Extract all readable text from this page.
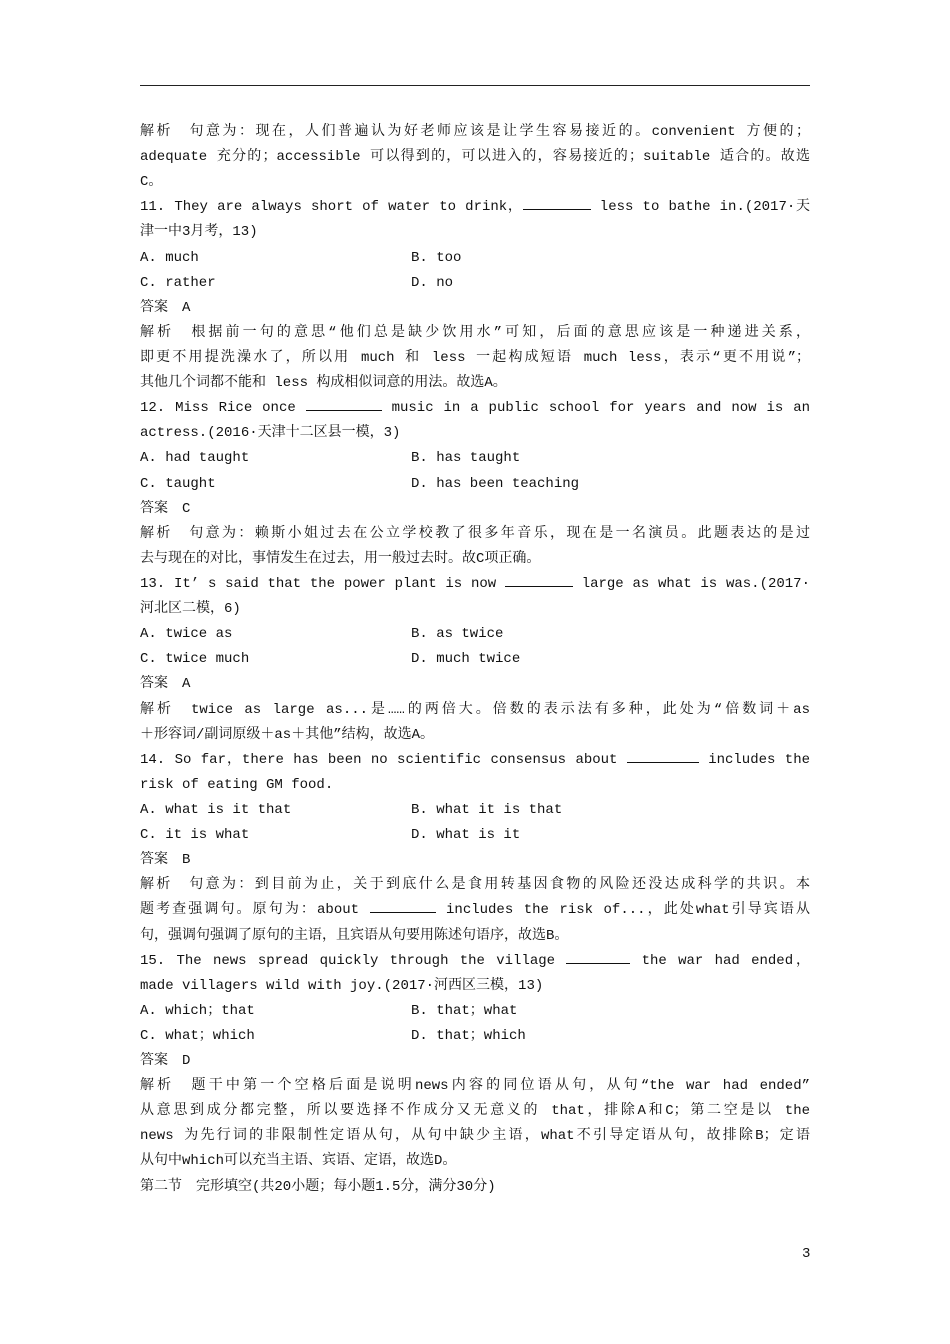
解析　句意为：现在，人们普遍认为好老师应该是让学生容易接近的。convenient 方便的；
adequate 充分的；accessible 可以得到的，可以进入的，容易接近的；suitable 适合的。故选
C。
11. They are always short of water to drink，	less to bathe in.(2017·天
津一中3月考，13)
A. much	B. too
C. rather	D. no
答案　A
解析　根据前一句的意思“他们总是缺少饮用水”可知，后面的意思应该是一种递进关系，
即更不用提洗澡水了，所以用 much 和 less 一起构成短语 much less，表示“更不用说”；
其他几个词都不能和 less 构成相似词意的用法。故选A。
12. Miss Rice once	music in a public school for years and now is an
actress.(2016·天津十二区县一模，3)
A. had taught	B. has taught
C. taught	D. has been teaching
答案　C
解析　句意为：赖斯小姐过去在公立学校教了很多年音乐，现在是一名演员。此题表达的是过
去与现在的对比，事情发生在过去，用一般过去时。故C项正确。
13. It’ s said that the power plant is now	large as what is was.(2017·
河北区二模，6)
A. twice as	B. as twice
C. twice much	D. much twice
答案　A
解析　twice as large as...是……的两倍大。倍数的表示法有多种，此处为“倍数词＋as
＋形容词/副词原级＋as＋其他”结构，故选A。
14. So far，there has been no scientific consensus about	includes the
risk of eating GM food.
A. what is it that	B. what it is that
C. it is what	D. what is it
答案　B
解析　句意为：到目前为止，关于到底什么是食用转基因食物的风险还没达成科学的共识。本
题考查强调句。原句为：about	includes the risk of...，此处what引导宾语从
句，强调句强调了原句的主语，且宾语从句要用陈述句语序，故选B。
15. The news spread quickly through the village	the war had ended，
made villagers wild with joy.(2017·河西区三模，13)
A. which；that	B. that；what
C. what；which	D. that；which
答案　D
解析　题干中第一个空格后面是说明news内容的同位语从句，从句“the war had ended”
从意思到成分都完整，所以要选择不作成分又无意义的 that，排除A和C；第二空是以 the
news 为先行词的非限制性定语从句，从句中缺少主语，what不引导定语从句，故排除B；定语
从句中which可以充当主语、宾语、定语，故选D。
第二节　完形填空(共20小题；每小题1.5分，满分30分)
3
